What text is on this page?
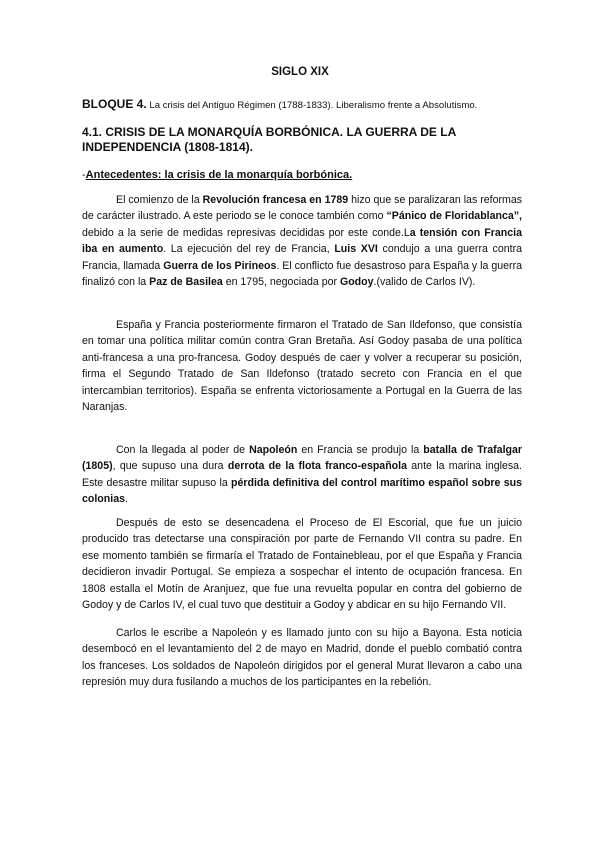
SIGLO XIX
BLOQUE 4. La crisis del Antiguo Régimen (1788-1833). Liberalismo frente a Absolutismo.
4.1. CRISIS DE LA MONARQUÍA BORBÓNICA. LA GUERRA DE LA INDEPENDENCIA (1808-1814).
-Antecedentes: la crisis de la monarquía borbónica.
El comienzo de la Revolución francesa en 1789 hizo que se paralizaran las reformas de carácter ilustrado. A este periodo se le conoce también como “Pánico de Floridablanca”, debido a la serie de medidas represivas decididas por este conde.La tensión con Francia iba en aumento. La ejecución del rey de Francia, Luis XVI condujo a una guerra contra Francia, llamada Guerra de los Pirineos. El conflicto fue desastroso para España y la guerra finalizó con la Paz de Basilea en 1795, negociada por Godoy.(valido de Carlos IV).
España y Francia posteriormente firmaron el Tratado de San Ildefonso, que consistía en tomar una política militar común contra Gran Bretaña. Así Godoy pasaba de una política anti-francesa a una pro-francesa. Godoy después de caer y volver a recuperar su posición, firma el Segundo Tratado de San Ildefonso (tratado secreto con Francia en el que intercambian territorios). España se enfrenta victoriosamente a Portugal en la Guerra de las Naranjas.
Con la llegada al poder de Napoleón en Francia se produjo la batalla de Trafalgar (1805), que supuso una dura derrota de la flota franco-española ante la marina inglesa. Este desastre militar supuso la pérdida definitiva del control marítimo español sobre sus colonias.
Después de esto se desencadena el Proceso de El Escorial, que fue un juicio producido tras detectarse una conspiración por parte de Fernando VII contra su padre. En ese momento también se firmaría el Tratado de Fontainebleau, por el que España y Francia decidieron invadir Portugal. Se empieza a sospechar el intento de ocupación francesa. En 1808 estalla el Motín de Aranjuez, que fue una revuelta popular en contra del gobierno de Godoy y de Carlos IV, el cual tuvo que destituir a Godoy y abdicar en su hijo Fernando VII.
Carlos le escribe a Napoleón y es llamado junto con su hijo a Bayona. Esta noticia desembocó en el levantamiento del 2 de mayo en Madrid, donde el pueblo combatió contra los franceses. Los soldados de Napoleón dirigidos por el general Murat llevaron a cabo una represión muy dura fusilando a muchos de los participantes en la rebelión.
